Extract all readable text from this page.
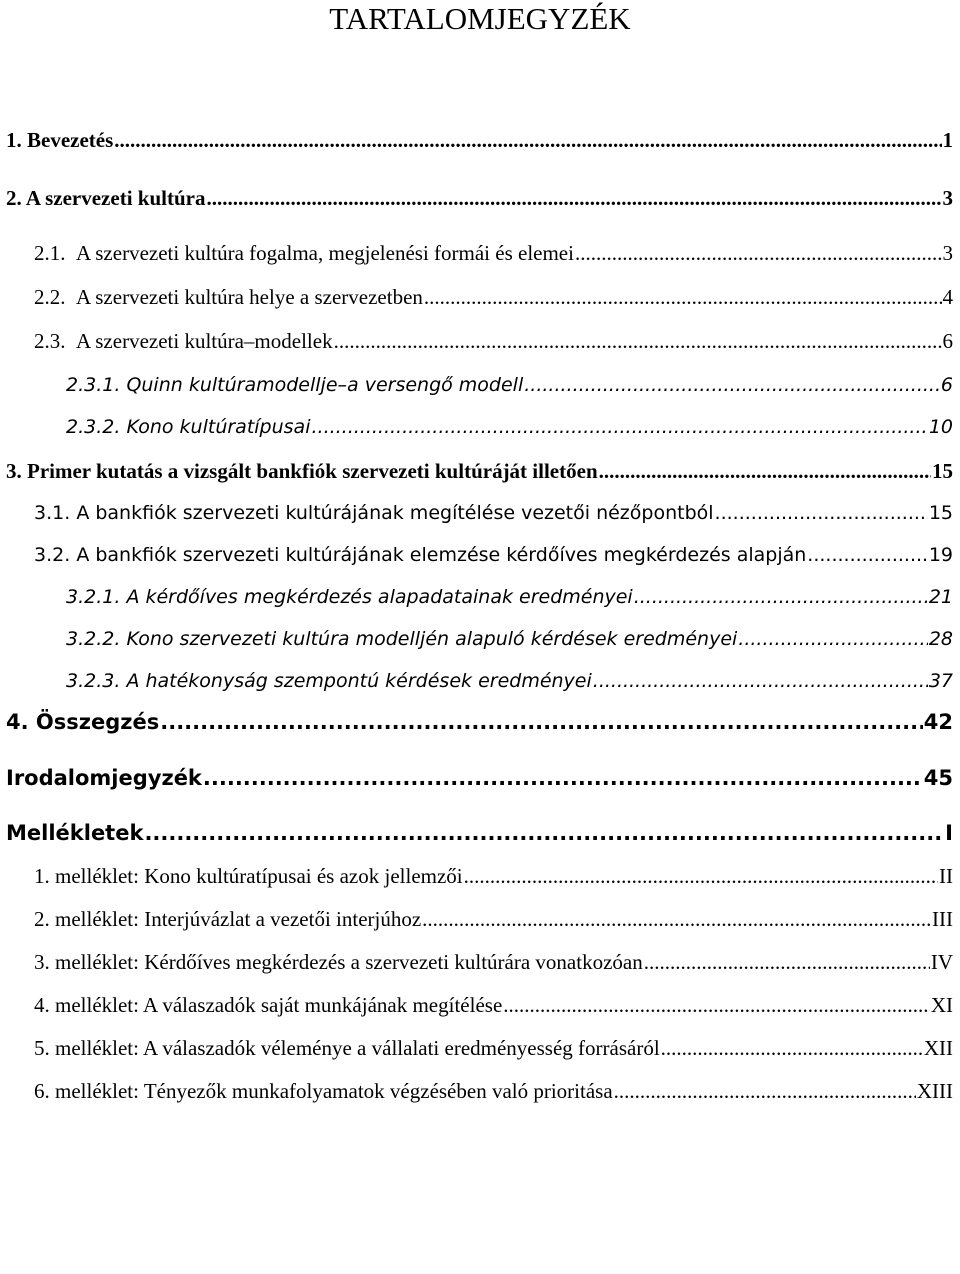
TARTALOMJEGYZÉK
1. Bevezetés .....	1
2. A szervezeti kultúra .....	3
2.1. A szervezeti kultúra fogalma, megjelenési formái és elemei .....	3
2.2. A szervezeti kultúra helye a szervezetben .....	4
2.3. A szervezeti kultúra–modellek .....	6
2.3.1. Quinn kultúramodellje–a versengő modell .....	6
2.3.2. Kono kultúratípusai .....	10
3. Primer kutatás a vizsgált bankfiók szervezeti kultúráját illetően .....	15
3.1. A bankfiók szervezeti kultúrájának megítélése vezetői nézőpontból .....	15
3.2. A bankfiók szervezeti kultúrájának elemzése kérdőíves megkérdezés alapján .....	19
3.2.1. A kérdőíves megkérdezés alapadatainak eredményei .....	21
3.2.2. Kono szervezeti kultúra modelljén alapuló kérdések eredményei .....	28
3.2.3. A hatékonyság szempontú kérdések eredményei .....	37
4. Összegzés .....	42
Irodalomjegyzék .....	45
Mellékletek .....	I
1. melléklet: Kono kultúratípusai és azok jellemzői .....	II
2. melléklet: Interjúvázlat a vezetői interjúhoz .....	III
3. melléklet: Kérdőíves megkérdezés a szervezeti kultúrára vonatkozóan .....	IV
4. melléklet: A válaszadók saját munkájának megítélése .....	XI
5. melléklet: A válaszadók véleménye a vállalati eredményesség forrásáról .....	XII
6. melléklet: Tényezők munkafolyamatok végzésében való prioritása .....	XIII
